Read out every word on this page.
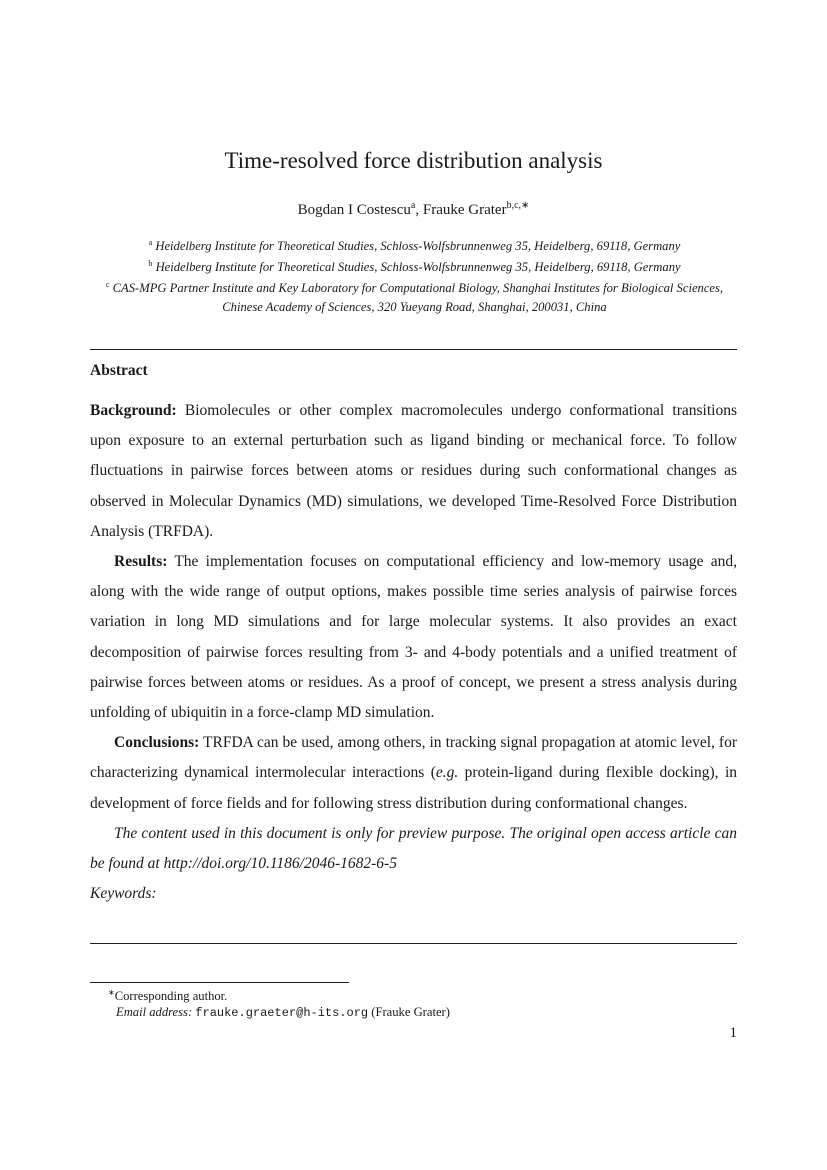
Time-resolved force distribution analysis
Bogdan I Costescu$^a$, Frauke Grater$^{b,c,∗}$
$^a$ Heidelberg Institute for Theoretical Studies, Schloss-Wolfsbrunnenweg 35, Heidelberg, 69118, Germany
$^b$ Heidelberg Institute for Theoretical Studies, Schloss-Wolfsbrunnenweg 35, Heidelberg, 69118, Germany
$^c$ CAS-MPG Partner Institute and Key Laboratory for Computational Biology, Shanghai Institutes for Biological Sciences, Chinese Academy of Sciences, 320 Yueyang Road, Shanghai, 200031, China
Abstract

Background: Biomolecules or other complex macromolecules undergo conformational transitions upon exposure to an external perturbation such as ligand binding or mechanical force. To follow fluctuations in pairwise forces between atoms or residues during such conformational changes as observed in Molecular Dynamics (MD) simulations, we developed Time-Resolved Force Distribution Analysis (TRFDA).

Results: The implementation focuses on computational efficiency and low-memory usage and, along with the wide range of output options, makes possible time series analysis of pairwise forces variation in long MD simulations and for large molecular systems. It also provides an exact decomposition of pairwise forces resulting from 3- and 4-body potentials and a unified treatment of pairwise forces between atoms or residues. As a proof of concept, we present a stress analysis during unfolding of ubiquitin in a force-clamp MD simulation.

Conclusions: TRFDA can be used, among others, in tracking signal propagation at atomic level, for characterizing dynamical intermolecular interactions (e.g. protein-ligand during flexible docking), in development of force fields and for following stress distribution during conformational changes.

The content used in this document is only for preview purpose. The original open access article can be found at http://doi.org/10.1186/2046-1682-6-5

Keywords:

∗Corresponding author.
Email address: frauke.graeter@h-its.org (Frauke Grater)
1
